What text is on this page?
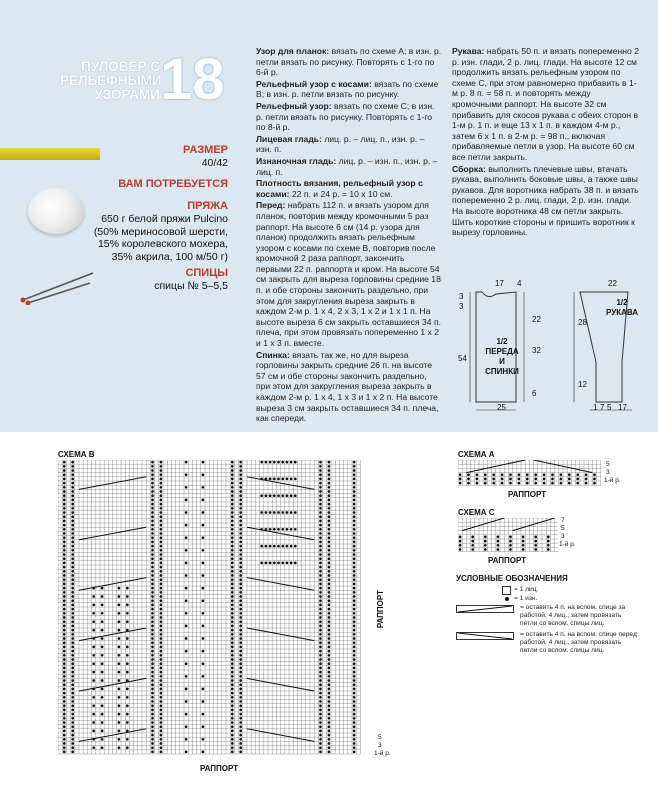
ПУЛОВЕР С РЕЛЬЕФНЫМИ УЗОРАМИ 18
РАЗМЕР
40/42
ВАМ ПОТРЕБУЕТСЯ
ПРЯЖА
650 г белой пряжи Pulcino
(50% мериносовой шерсти,
15% королевского мохера,
35% акрила, 100 м/50 г)
СПИЦЫ
спицы № 5–5,5

Узор для планок: вязать по схеме А; в изн. р. петли вязать по рисунку. Повторять с 1-го по 6-й р.

Рельефный узор с косами: вязать по схеме В; в изн. р. петли вязать по рисунку.

Рельефный узор: вязать по схеме С; в изн. р. петли вязать по рисунку. Повторять с 1-го по 8-й р.

Лицевая гладь: лиц. р. – лиц. п., изн. р. – изн. п.

Изнаночная гладь: лиц. р. – изн. п., изн. р. – лиц. п.

Плотность вязания, рельефный узор с косами: 22 п. и 24 р. = 10 х 10 см.

Перед: набрать 112 п. и вязать узором для планок, повторив между кромочными 5 раз раппорт. На высоте 6 см (14 р. узора для планок) продолжить вязать рельефным узором с косами по схеме В, повторив после кромочной 2 раза раппорт, закончить первыми 22 п. раппорта и кром. На высоте 54 см закрыть для выреза горловины средние 18 п. и обе стороны закончить раздельно, при этом для закругления выреза закрыть в каждом 2-м р. 1 х 4, 2 х 3, 1 х 2 и 1 х 1 п. На высоте выреза 6 см закрыть оставшиеся 34 п. плеча, при этом провязать попеременно 1 х 2 и 1 х 3 п. вместе.

Спинка: вязать так же, но для выреза горловины закрыть средние 26 п. на высоте 57 см и обе стороны закончить раздельно, при этом для закругления выреза закрыть в каждом 2-м р. 1 х 4, 1 х 3 и 1 х 2 п. На высоте выреза 3 см закрыть оставшиеся 34 п. плеча, как спереди.

Рукава: набрать 50 п. и вязать попеременно 2 р. изн. глади, 2 р. лиц. глади. На высоте 12 см продолжить вязать рельефным узором по схеме С, при этом равномерно прибавить в 1-м р. 8 п. = 58 п. и повторять между кромочными раппорт. На высоте 32 см прибавить для скосов рукава с обеих сторон в 1-м р. 1 п. и еще 13 х 1 п. в каждом 4-м р., затем 6 х 1 п. в 2-м р. = 98 п., включая прибавляемые петли в узор. На высоте 60 см все петли закрыть.

Сборка: выполнить плечевые швы, втачать рукава, выполнить боковые швы, а также швы рукавов. Для воротника набрать 38 п. и вязать попеременно 2 р. лиц. глади, 2 р. изн. глади. На высоте воротника 48 см петли закрыть. Шить короткие стороны и пришить воротник к вырезу горловины.

1/2 ПЕРЕДА И СПИНКИ
3
3
54
22
32
6
25
4
17
1/2 РУКАВА
22
28
12
1 7 5 17
СХЕМА В
РАППОРТ
РАППОРТ
5
3
1-й р.
СХЕМА А
5
3
1-й р.
РАППОРТ
СХЕМА С
7
5
3
1-й р.
РАППОРТ
УСЛОВНЫЕ ОБОЗНАЧЕНИЯ
= 1 лиц.
= 1 изн.
= оставить 4 п. на вспом. спице за работой, 4 лиц., затем провязать петли со вспом. спицы лиц.
= оставить 4 п. на вспом. спице перед работой, 4 лиц., затем провязать петли со вспом. спицы лиц.
